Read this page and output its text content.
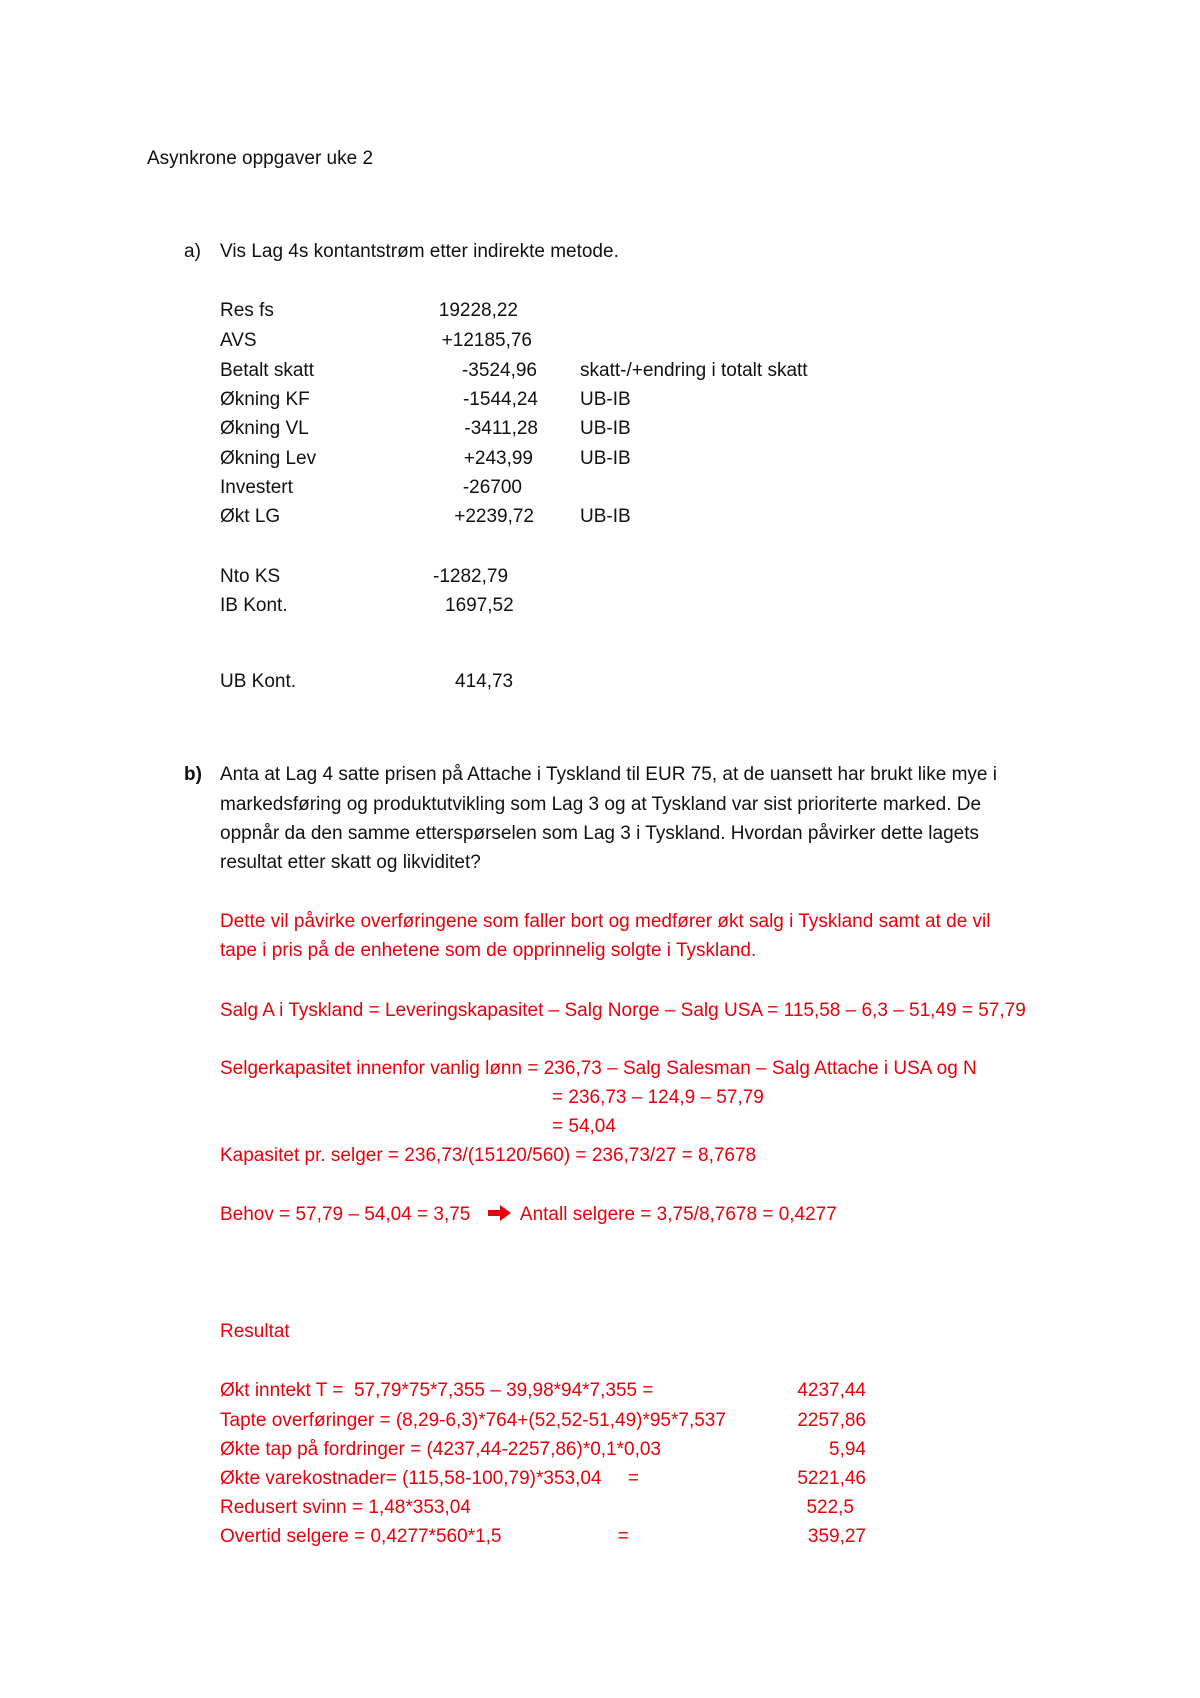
Asynkrone oppgaver uke 2
a) Vis Lag 4s kontantstrøm etter indirekte metode.
Res fs	19228,22
AVS	+12185,76
Betalt skatt	-3524,96 skatt-/+endring i totalt skatt
Økning KF	-1544,24 UB-IB
Økning VL	-3411,28 UB-IB
Økning Lev	+243,99 UB-IB
Investert	-26700
Økt LG	+2239,72 UB-IB
Nto KS	-1282,79
IB Kont.	1697,52
UB Kont.	414,73
b) Anta at Lag 4 satte prisen på Attache i Tyskland til EUR 75, at de uansett har brukt like mye i
markedsføring og produktutvikling som Lag 3 og at Tyskland var sist prioriterte marked. De
oppnår da den samme etterspørselen som Lag 3 i Tyskland. Hvordan påvirker dette lagets
resultat etter skatt og likviditet?
Dette vil påvirke overføringene som faller bort og medfører økt salg i Tyskland samt at de vil
tape i pris på de enhetene som de opprinnelig solgte i Tyskland.
Salg A i Tyskland = Leveringskapasitet – Salg Norge – Salg USA = 115,58 – 6,3 – 51,49 = 57,79
Selgerkapasitet innenfor vanlig lønn = 236,73 – Salg Salesman – Salg Attache i USA og N
= 236,73 – 124,9 – 57,79
= 54,04
Kapasitet pr. selger = 236,73/(15120/560) = 236,73/27 = 8,7678
Behov = 57,79 – 54,04 = 3,75	Antall selgere = 3,75/8,7678 = 0,4277
Resultat
Økt inntekt T =  57,79*75*7,355 – 39,98*94*7,355 =	4237,44
Tapte overføringer = (8,29-6,3)*764+(52,52-51,49)*95*7,537	2257,86
Økte tap på fordringer = (4237,44-2257,86)*0,1*0,03	5,94
Økte varekostnader= (115,58-100,79)*353,04     =	5221,46
Redusert svinn = 1,48*353,04	522,5
Overtid selgere = 0,4277*560*1,5                      =	359,27
